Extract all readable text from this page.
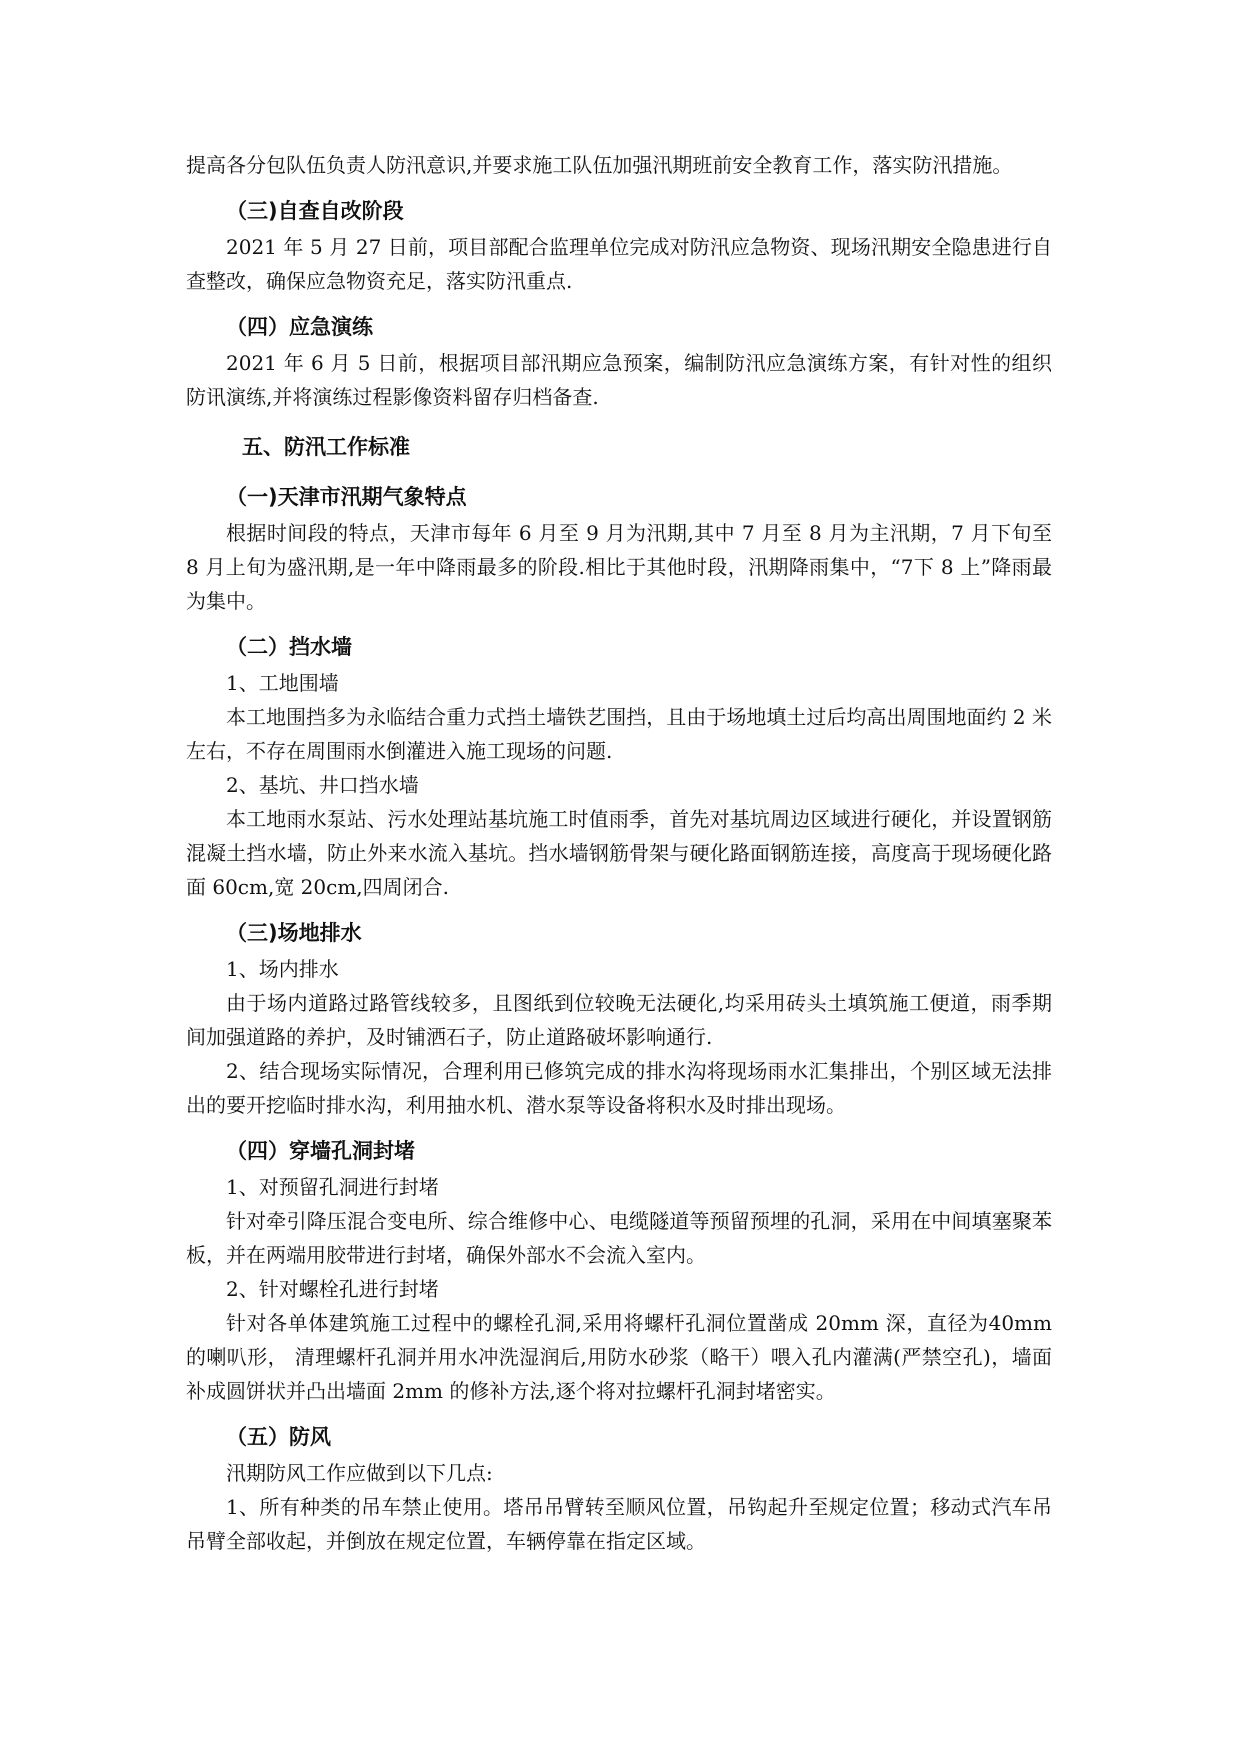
提高各分包队伍负责人防汛意识,并要求施工队伍加强汛期班前安全教育工作，落实防汛措施。

（三)自查自改阶段

2021 年 5 月 27 日前，项目部配合监理单位完成对防汛应急物资、现场汛期安全隐患进行自查整改，确保应急物资充足，落实防汛重点.

（四）应急演练

2021 年 6 月 5 日前，根据项目部汛期应急预案，编制防汛应急演练方案，有针对性的组织防讯演练,并将演练过程影像资料留存归档备查.

五、防汛工作标准
（一)天津市汛期气象特点

根据时间段的特点，天津市每年 6 月至 9 月为汛期,其中 7 月至 8 月为主汛期，7 月下旬至 8 月上旬为盛汛期,是一年中降雨最多的阶段.相比于其他时段，汛期降雨集中，“7下 8 上”降雨最为集中。

（二）挡水墙

1、工地围墙

本工地围挡多为永临结合重力式挡土墙铁艺围挡，且由于场地填土过后均高出周围地面约 2 米左右，不存在周围雨水倒灌进入施工现场的问题.

2、基坑、井口挡水墙

本工地雨水泵站、污水处理站基坑施工时值雨季，首先对基坑周边区域进行硬化，并设置钢筋混凝土挡水墙，防止外来水流入基坑。挡水墙钢筋骨架与硬化路面钢筋连接，高度高于现场硬化路面 60cm,宽 20cm,四周闭合.

（三)场地排水

1、场内排水

由于场内道路过路管线较多，且图纸到位较晚无法硬化,均采用砖头土填筑施工便道，雨季期间加强道路的养护，及时铺洒石子，防止道路破坏影响通行.

2、结合现场实际情况，合理利用已修筑完成的排水沟将现场雨水汇集排出，个别区域无法排出的要开挖临时排水沟，利用抽水机、潜水泵等设备将积水及时排出现场。

（四）穿墙孔洞封堵

1、对预留孔洞进行封堵

针对牵引降压混合变电所、综合维修中心、电缆隧道等预留预埋的孔洞，采用在中间填塞聚苯板，并在两端用胶带进行封堵，确保外部水不会流入室内。

2、针对螺栓孔进行封堵

针对各单体建筑施工过程中的螺栓孔洞,采用将螺杆孔洞位置凿成 20mm 深，直径为40mm 的喇叭形， 清理螺杆孔洞并用水冲洗湿润后,用防水砂浆（略干）喂入孔内灌满(严禁空孔)，墙面补成圆饼状并凸出墙面 2mm 的修补方法,逐个将对拉螺杆孔洞封堵密实。

（五）防风

汛期防风工作应做到以下几点:

1、所有种类的吊车禁止使用。塔吊吊臂转至顺风位置，吊钩起升至规定位置；移动式汽车吊吊臂全部收起，并倒放在规定位置，车辆停靠在指定区域。
